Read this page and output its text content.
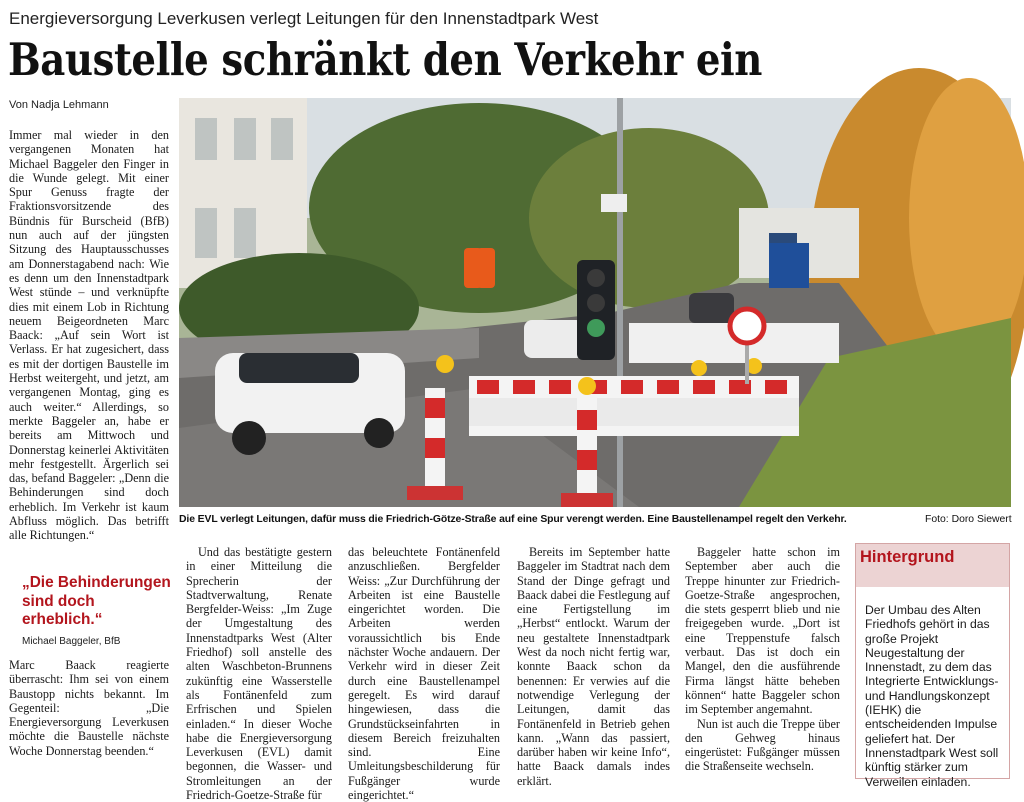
Energieversorgung Leverkusen verlegt Leitungen für den Innenstadtpark West
Baustelle schränkt den Verkehr ein
Von Nadja Lehmann

Immer mal wieder in den vergangenen Monaten hat Michael Baggeler den Finger in die Wunde gelegt. Mit einer Spur Genuss fragte der Fraktionsvorsitzende des Bündnis für Burscheid (BfB) nun auch auf der jüngsten Sitzung des Hauptausschusses am Donnerstagabend nach: Wie es denn um den Innenstadtpark West stünde – und verknüpfte dies mit einem Lob in Richtung neuem Beigeordneten Marc Baack: „Auf sein Wort ist Verlass. Er hat zugesichert, dass es mit der dortigen Baustelle im Herbst weitergeht, und jetzt, am vergangenen Montag, ging es auch weiter.“ Allerdings, so merkte Baggeler an, habe er bereits am Mittwoch und Donnerstag keinerlei Aktivitäten mehr festgestellt. Ärgerlich sei das, befand Baggeler: „Denn die Behinderungen sind doch erheblich. Im Verkehr ist kaum Abfluss möglich. Das betrifft alle Richtungen.“

„Die Behinderungen sind doch erheblich.“
Michael Baggeler, BfB

Marc Baack reagierte überrascht: Ihm sei von einem Baustopp nichts bekannt. Im Gegenteil: „Die Energieversorgung Leverkusen möchte die Baustelle nächste Woche Donnerstag beenden.“

Die EVL verlegt Leitungen, dafür muss die Friedrich-Götze-Straße auf eine Spur verengt werden. Eine Baustellenampel regelt den Verkehr.	Foto: Doro Siewert

Und das bestätigte gestern in einer Mitteilung die Sprecherin der Stadtverwaltung, Renate Bergfelder-Weiss: „Im Zuge der Umgestaltung des Innenstadtparks West (Alter Friedhof) soll anstelle des alten Waschbeton-Brunnens zukünftig eine Wasserstelle als Fontänenfeld zum Erfrischen und Spielen einladen.“ In dieser Woche habe die Energieversorgung Leverkusen (EVL) damit begonnen, die Wasser- und Stromleitungen an der Friedrich-Goetze-Straße für

das beleuchtete Fontänenfeld anzuschließen. Bergfelder Weiss: „Zur Durchführung der Arbeiten ist eine Baustelle eingerichtet worden. Die Arbeiten werden voraussichtlich bis Ende nächster Woche andauern. Der Verkehr wird in dieser Zeit durch eine Baustellenampel geregelt. Es wird darauf hingewiesen, dass die Grundstückseinfahrten in diesem Bereich freizuhalten sind. Eine Umleitungsbeschilderung für Fußgänger wurde eingerichtet.“

Bereits im September hatte Baggeler im Stadtrat nach dem Stand der Dinge gefragt und Baack dabei die Festlegung auf eine Fertigstellung im „Herbst“ entlockt. Warum der neu gestaltete Innenstadtpark West da noch nicht fertig war, konnte Baack schon da benennen: Er verwies auf die notwendige Verlegung der Leitungen, damit das Fontänenfeld in Betrieb gehen kann. „Wann das passiert, darüber haben wir keine Info“, hatte Baack damals indes erklärt.

Baggeler hatte schon im September aber auch die Treppe hinunter zur Friedrich-Goetze-Straße angesprochen, die stets gesperrt blieb und nie freigegeben wurde. „Dort ist eine Treppenstufe falsch verbaut. Das ist doch ein Mangel, den die ausführende Firma längst hätte beheben können“ hatte Baggeler schon im September angemahnt.

Nun ist auch die Treppe über den Gehweg hinaus eingerüstet: Fußgänger müssen die Straßenseite wechseln.

Hintergrund
Der Umbau des Alten Friedhofs gehört in das große Projekt Neugestaltung der Innenstadt, zu dem das Integrierte Entwicklungs- und Handlungskonzept (IEHK) die entscheidenden Impulse geliefert hat. Der Innenstadtpark West soll künftig stärker zum Verweilen einladen.
